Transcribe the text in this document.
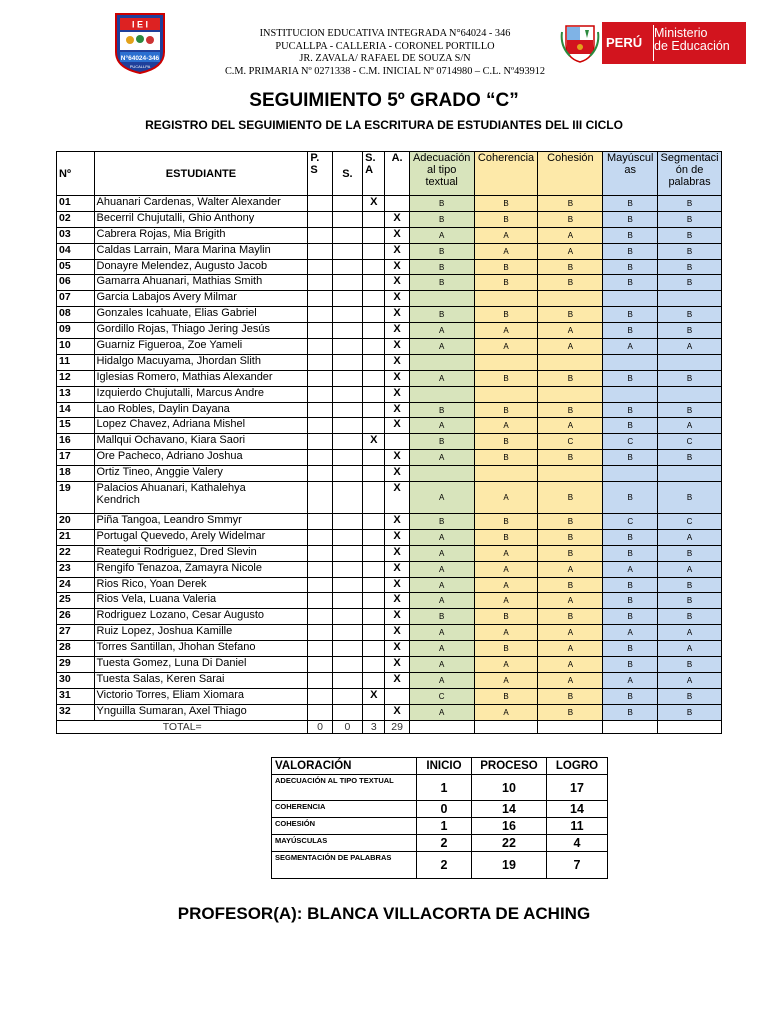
I E I
N°64024-346
PUCALLPA
INSTITUCION EDUCATIVA INTEGRADA N°64024 - 346
PUCALLPA - CALLERIA - CORONEL PORTILLO
JR. ZAVALA/ RAFAEL DE SOUZA S/N
C.M. PRIMARIA Nº 0271338 - C.M. INICIAL Nº 0714980 – C.L. Nº493912
PERÚ
Ministerio
de Educación
SEGUIMIENTO 5º GRADO “C”
REGISTRO DEL SEGUIMIENTO DE LA ESCRITURA DE ESTUDIANTES DEL III CICLO
Nº	ESTUDIANTE	P. S	S.	S. A	A.	Adecuación al tipo textual	Coherencia	Cohesión	Mayúsculas	Segmentación de palabras
01	Ahuanari Cardenas, Walter Alexander			X		B	B	B	B	B
02	Becerril Chujutalli, Ghio Anthony				X	B	B	B	B	B
03	Cabrera Rojas, Mia Brigith				X	A	A	A	B	B
04	Caldas Larrain, Mara Marina Maylin				X	B	A	A	B	B
05	Donayre Melendez, Augusto Jacob				X	B	B	B	B	B
06	Gamarra Ahuanari, Mathias Smith				X	B	B	B	B	B
07	Garcia Labajos Avery Milmar				X					
08	Gonzales Icahuate, Elias Gabriel				X	B	B	B	B	B
09	Gordillo Rojas, Thiago Jering Jesús				X	A	A	A	B	B
10	Guarniz Figueroa, Zoe Yameli				X	A	A	A	A	A
11	Hidalgo Macuyama, Jhordan Slith				X					
12	Iglesias Romero, Mathias Alexander				X	A	B	B	B	B
13	Izquierdo Chujutalli, Marcus Andre				X					
14	Lao Robles, Daylin Dayana				X	B	B	B	B	B
15	Lopez Chavez, Adriana Mishel				X	A	A	A	B	A
16	Mallqui Ochavano, Kiara Saori			X		B	B	C	C	C
17	Ore Pacheco, Adriano Joshua				X	A	B	B	B	B
18	Ortiz Tineo, Anggie Valery				X					
19	Palacios Ahuanari, Kathalehya
Kendrich				X	A	A	B	B	B
20	Piña Tangoa, Leandro Smmyr				X	B	B	B	C	C
21	Portugal Quevedo, Arely Widelmar				X	A	B	B	B	A
22	Reategui Rodriguez, Dred Slevin				X	A	A	B	B	B
23	Rengifo Tenazoa, Zamayra Nicole				X	A	A	A	A	A
24	Rios Rico, Yoan Derek				X	A	A	B	B	B
25	Rios Vela, Luana Valeria				X	A	A	A	B	B
26	Rodriguez Lozano, Cesar Augusto				X	B	B	B	B	B
27	Ruiz Lopez, Joshua Kamille				X	A	A	A	A	A
28	Torres Santillan, Jhohan Stefano				X	A	B	A	B	A
29	Tuesta Gomez, Luna Di Daniel				X	A	A	A	B	B
30	Tuesta Salas, Keren Sarai				X	A	A	A	A	A
31	Victorio Torres, Eliam Xiomara			X		C	B	B	B	B
32	Ynguilla Sumaran, Axel Thiago				X	A	A	B	B	B
TOTAL=		0	0	3	29					
VALORACIÓN	INICIO	PROCESO	LOGRO
ADECUACIÓN AL TIPO TEXTUAL	1	10	17
COHERENCIA	0	14	14
COHESIÓN	1	16	11
MAYÚSCULAS	2	22	4
SEGMENTACIÓN DE PALABRAS	2	19	7
PROFESOR(A): BLANCA VILLACORTA DE ACHING
